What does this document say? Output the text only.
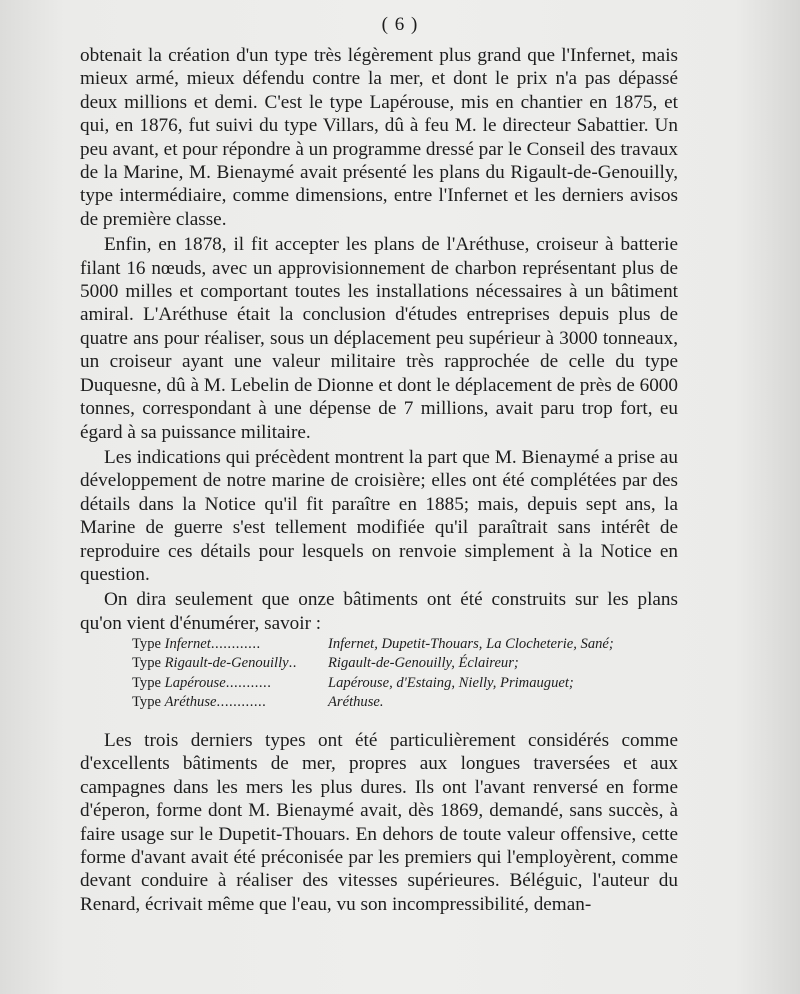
( 6 )

obtenait la création d'un type très légèrement plus grand que l'Infernet, mais mieux armé, mieux défendu contre la mer, et dont le prix n'a pas dépassé deux millions et demi. C'est le type Lapérouse, mis en chantier en 1875, et qui, en 1876, fut suivi du type Villars, dû à feu M. le directeur Sabattier. Un peu avant, et pour répondre à un programme dressé par le Conseil des travaux de la Marine, M. Bienaymé avait présenté les plans du Rigault-de-Genouilly, type intermédiaire, comme dimensions, entre l'Infernet et les derniers avisos de première classe.

Enfin, en 1878, il fit accepter les plans de l'Aréthuse, croiseur à batterie filant 16 nœuds, avec un approvisionnement de charbon représentant plus de 5000 milles et comportant toutes les installations nécessaires à un bâtiment amiral. L'Aréthuse était la conclusion d'études entreprises depuis plus de quatre ans pour réaliser, sous un déplacement peu supérieur à 3000 tonneaux, un croiseur ayant une valeur militaire très rapprochée de celle du type Duquesne, dû à M. Lebelin de Dionne et dont le déplacement de près de 6000 tonnes, correspondant à une dépense de 7 millions, avait paru trop fort, eu égard à sa puissance militaire.

Les indications qui précèdent montrent la part que M. Bienaymé a prise au développement de notre marine de croisière; elles ont été complétées par des détails dans la Notice qu'il fit paraître en 1885; mais, depuis sept ans, la Marine de guerre s'est tellement modifiée qu'il paraîtrait sans intérêt de reproduire ces détails pour lesquels on renvoie simplement à la Notice en question.

On dira seulement que onze bâtiments ont été construits sur les plans qu'on vient d'énumérer, savoir :

Type Infernet............	Infernet, Dupetit-Thouars, La Clocheterie, Sané;
Type Rigault-de-Genouilly..	Rigault-de-Genouilly, Éclaireur;
Type Lapérouse...........	Lapérouse, d'Estaing, Nielly, Primauguet;
Type Aréthuse............	Aréthuse.

Les trois derniers types ont été particulièrement considérés comme d'excellents bâtiments de mer, propres aux longues traversées et aux campagnes dans les mers les plus dures. Ils ont l'avant renversé en forme d'éperon, forme dont M. Bienaymé avait, dès 1869, demandé, sans succès, à faire usage sur le Dupetit-Thouars. En dehors de toute valeur offensive, cette forme d'avant avait été préconisée par les premiers qui l'employèrent, comme devant conduire à réaliser des vitesses supérieures. Béléguic, l'auteur du Renard, écrivait même que l'eau, vu son incompressibilité, deman-
